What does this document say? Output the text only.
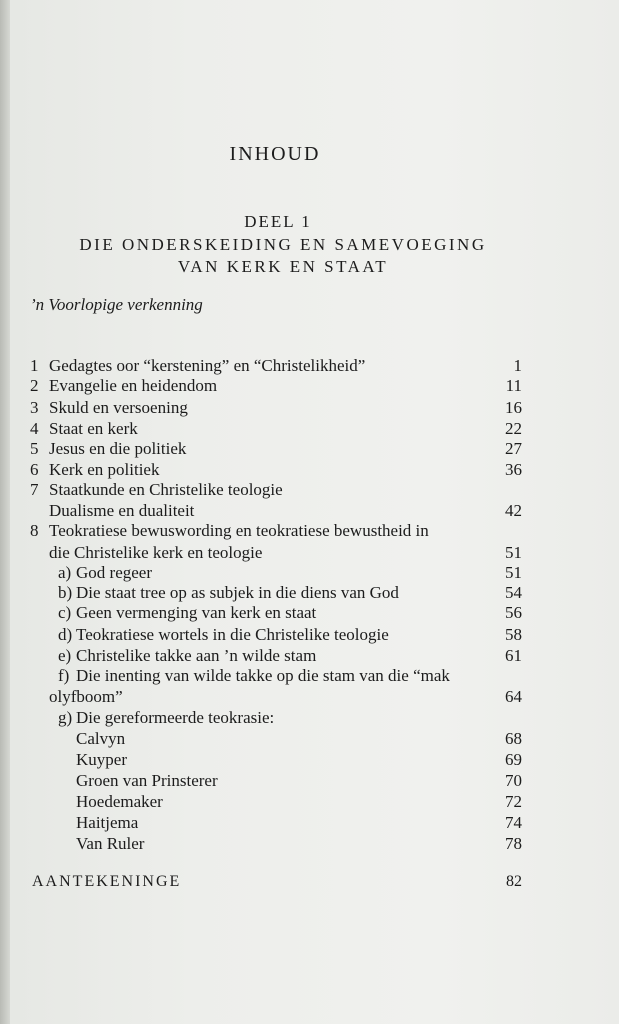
INHOUD
DEEL 1
DIE ONDERSKEIDING EN SAMEVOEGING
VAN KERK EN STAAT
’n Voorlopige verkenning
1 Gedagtes oor “kerstening” en “Christelikheid”	1
2 Evangelie en heidendom	11
3 Skuld en versoening	16
4 Staat en kerk	22
5 Jesus en die politiek	27
6 Kerk en politiek	36
7 Staatkunde en Christelike teologie
Dualisme en dualiteit	42
8 Teokratiese bewuswording en teokratiese bewustheid in
die Christelike kerk en teologie	51
a) God regeer	51
b) Die staat tree op as subjek in die diens van God	54
c) Geen vermenging van kerk en staat	56
d) Teokratiese wortels in die Christelike teologie	58
e) Christelike takke aan ’n wilde stam	61
f) Die inenting van wilde takke op die stam van die “mak
olyfboom”	64
g) Die gereformeerde teokrasie:
Calvyn	68
Kuyper	69
Groen van Prinsterer	70
Hoedemaker	72
Haitjema	74
Van Ruler	78
AANTEKENINGE	82
